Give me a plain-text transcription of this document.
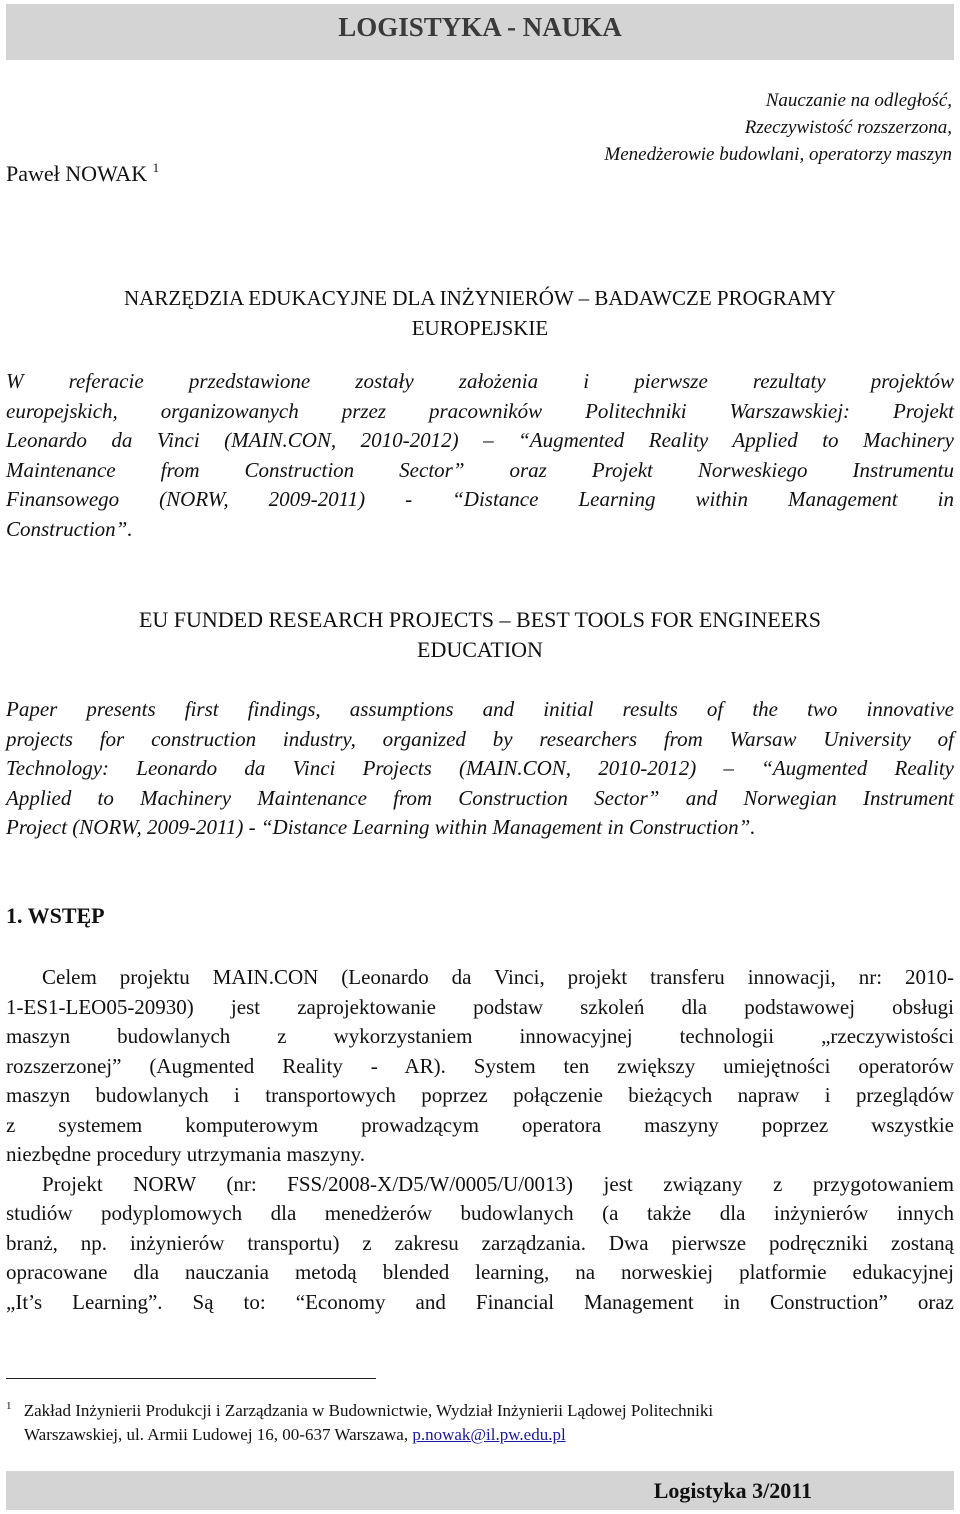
LOGISTYKA - NAUKA
Nauczanie na odległość,
Rzeczywistość rozszerzona,
Menedżerowie budowlani, operatorzy maszyn
Paweł NOWAK $^1$
NARZĘDZIA EDUKACYJNE DLA INŻYNIERÓW – BADAWCZE PROGRAMY
EUROPEJSKIE
W referacie przedstawione zostały założenia i pierwsze rezultaty projektów
europejskich, organizowanych przez pracowników Politechniki Warszawskiej: Projekt
Leonardo da Vinci (MAIN.CON, 2010-2012) – “Augmented Reality Applied to Machinery
Maintenance from Construction Sector” oraz Projekt Norweskiego Instrumentu
Finansowego (NORW, 2009-2011) - “Distance Learning within Management in
Construction”.
EU FUNDED RESEARCH PROJECTS – BEST TOOLS FOR ENGINEERS
EDUCATION
Paper presents first findings, assumptions and initial results of the two innovative
projects for construction industry, organized by researchers from Warsaw University of
Technology: Leonardo da Vinci Projects (MAIN.CON, 2010-2012) – “Augmented Reality
Applied to Machinery Maintenance from Construction Sector” and Norwegian Instrument
Project (NORW, 2009-2011) - “Distance Learning within Management in Construction”.
1. WSTĘP
Celem projektu MAIN.CON (Leonardo da Vinci, projekt transferu innowacji, nr: 2010-
1-ES1-LEO05-20930) jest zaprojektowanie podstaw szkoleń dla podstawowej obsługi
maszyn budowlanych z wykorzystaniem innowacyjnej technologii „rzeczywistości
rozszerzonej” (Augmented Reality - AR). System ten zwiększy umiejętności operatorów
maszyn budowlanych i transportowych poprzez połączenie bieżących napraw i przeglądów
z systemem komputerowym prowadzącym operatora maszyny poprzez wszystkie
niezbędne procedury utrzymania maszyny.
Projekt NORW (nr: FSS/2008-X/D5/W/0005/U/0013) jest związany z przygotowaniem
studiów podyplomowych dla menedżerów budowlanych (a także dla inżynierów innych
branż, np. inżynierów transportu) z zakresu zarządzania. Dwa pierwsze podręczniki zostaną
opracowane dla nauczania metodą blended learning, na norweskiej platformie edukacyjnej
„It’s Learning”. Są to: “Economy and Financial Management in Construction” oraz
$^1$ Zakład Inżynierii Produkcji i Zarządzania w Budownictwie, Wydział Inżynierii Lądowej Politechniki
Warszawskiej, ul. Armii Ludowej 16, 00-637 Warszawa, p.nowak@il.pw.edu.pl
Logistyka 3/2011
